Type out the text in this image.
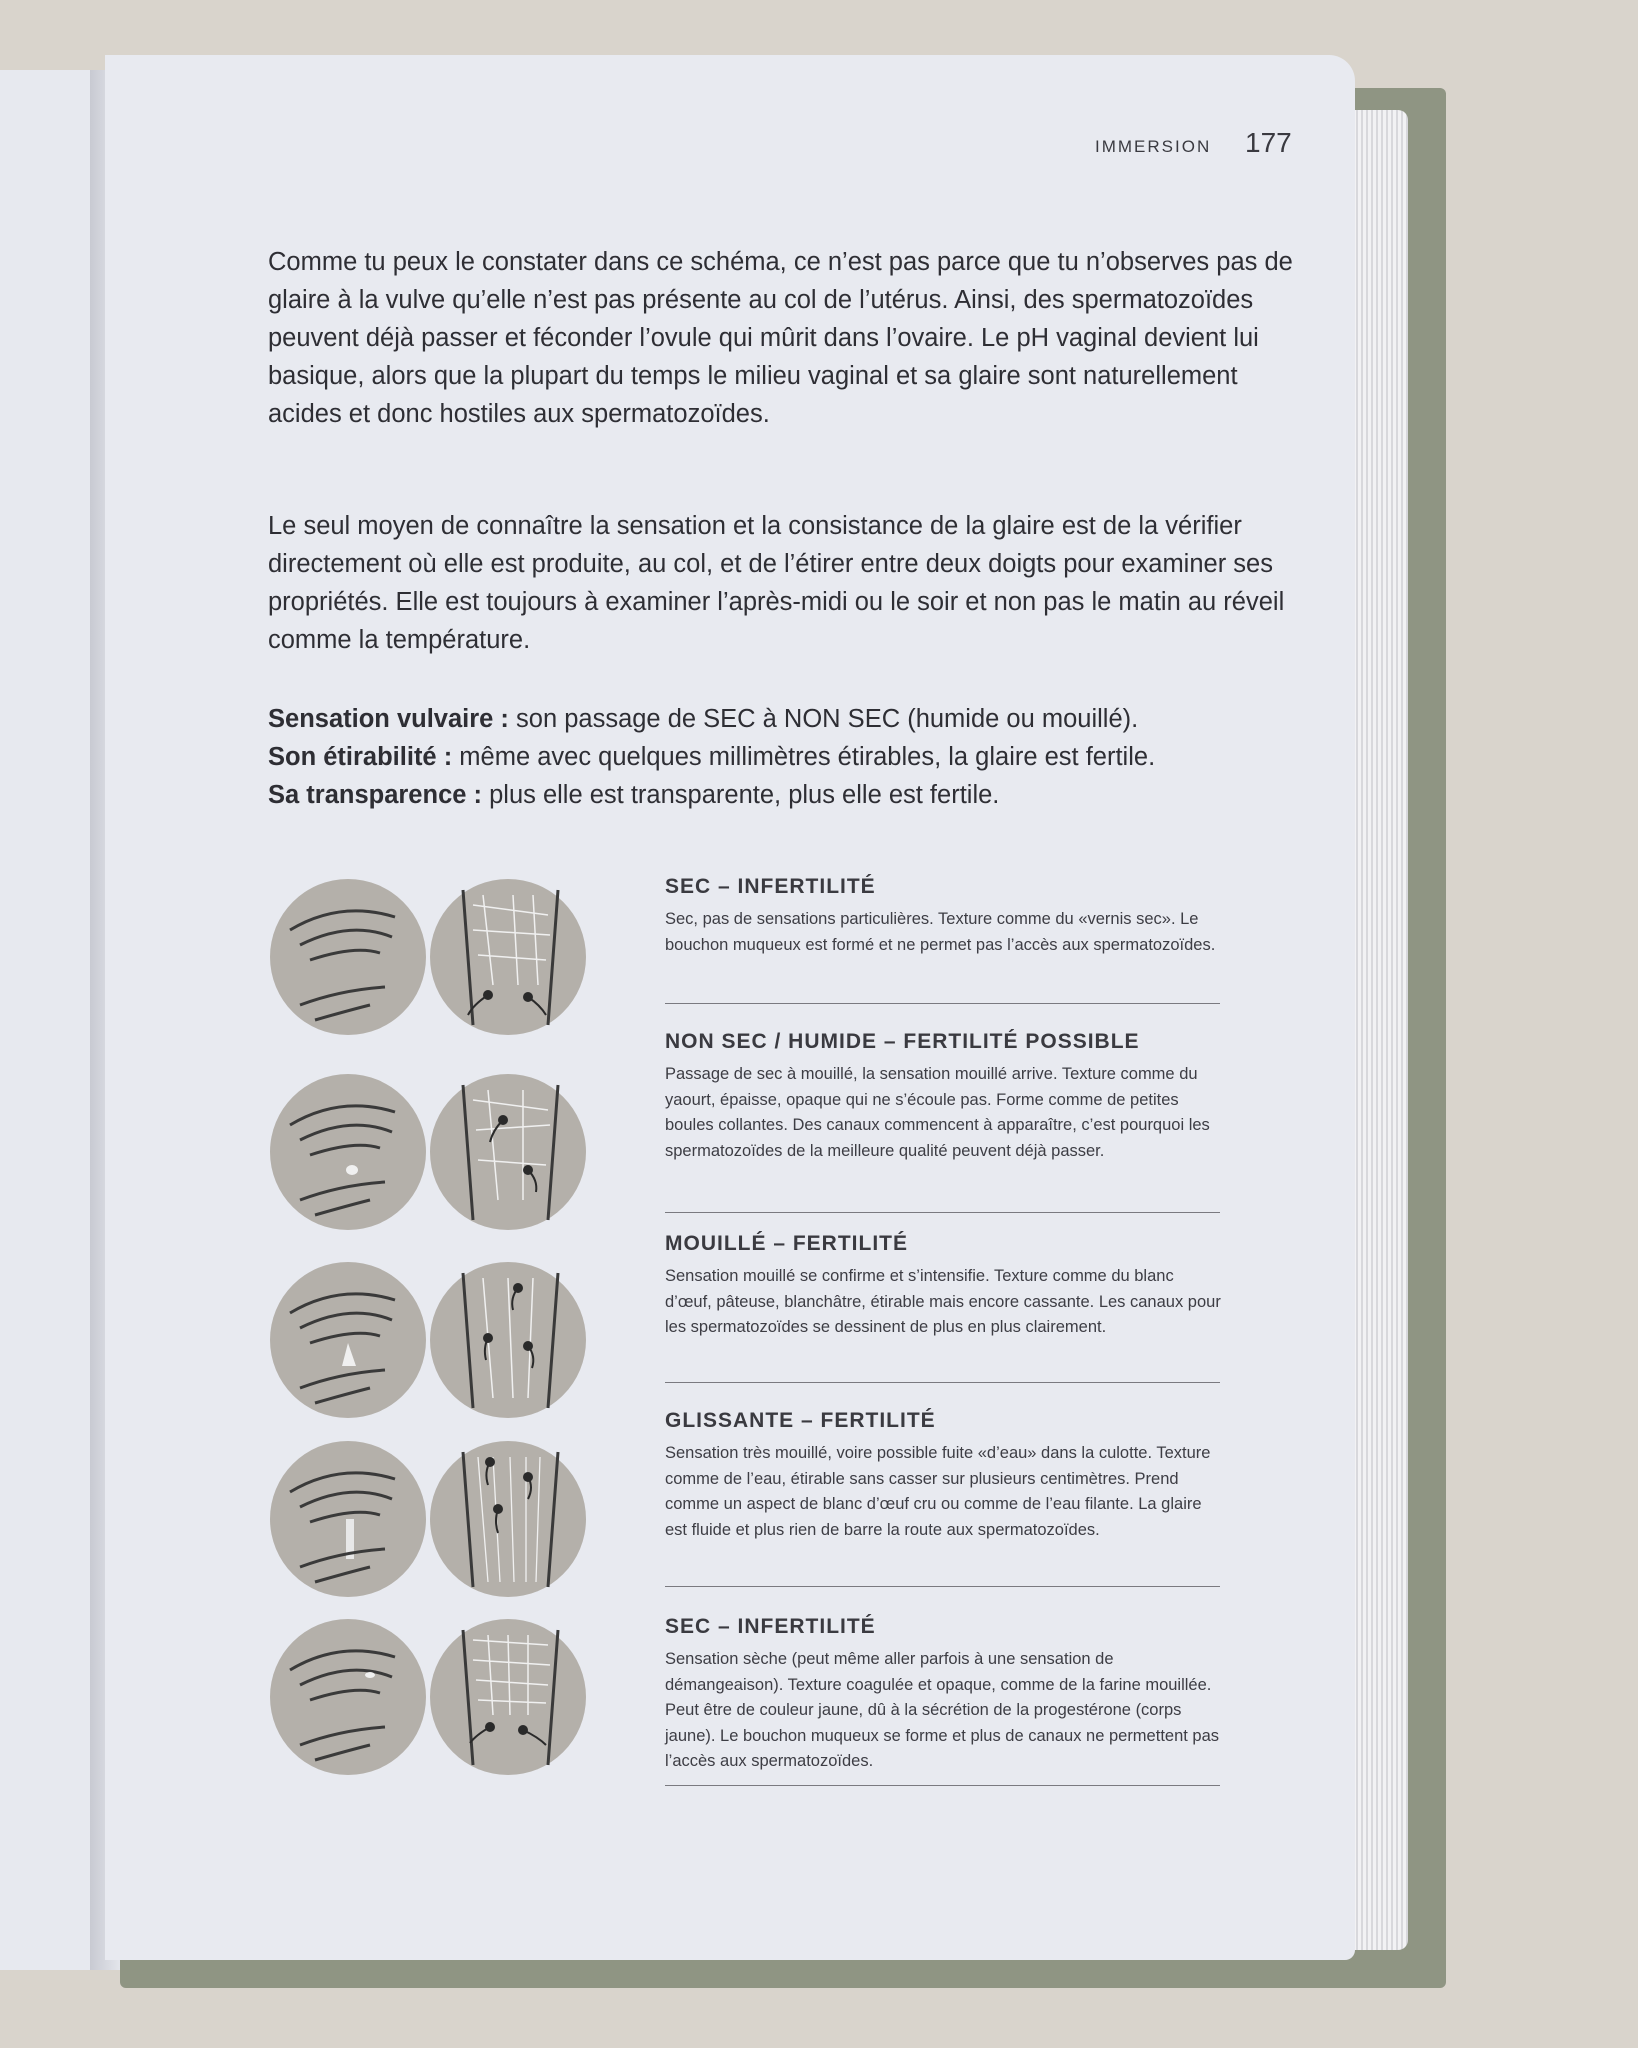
IMMERSION 177

Comme tu peux le constater dans ce schéma, ce n’est pas parce que tu n’observes pas de glaire à la vulve qu’elle n’est pas présente au col de l’utérus. Ainsi, des spermatozoïdes peuvent déjà passer et féconder l’ovule qui mûrit dans l’ovaire. Le pH vaginal devient lui basique, alors que la plupart du temps le milieu vaginal et sa glaire sont naturellement acides et donc hostiles aux spermatozoïdes.

Le seul moyen de connaître la sensation et la consistance de la glaire est de la vérifier directement où elle est produite, au col, et de l’étirer entre deux doigts pour examiner ses propriétés. Elle est toujours à examiner l’après-midi ou le soir et non pas le matin au réveil comme la température.

Sensation vulvaire : son passage de SEC à NON SEC (humide ou mouillé).
Son étirabilité : même avec quelques millimètres étirables, la glaire est fertile.
Sa transparence : plus elle est transparente, plus elle est fertile.
SEC – INFERTILITÉ

Sec, pas de sensations particulières. Texture comme du «vernis sec». Le bouchon muqueux est formé et ne permet pas l’accès aux spermatozoïdes.

NON SEC / HUMIDE – FERTILITÉ POSSIBLE

Passage de sec à mouillé, la sensation mouillé arrive. Texture comme du yaourt, épaisse, opaque qui ne s’écoule pas. Forme comme de petites boules collantes. Des canaux commencent à apparaître, c’est pourquoi les spermatozoïdes de la meilleure qualité peuvent déjà passer.

MOUILLÉ – FERTILITÉ

Sensation mouillé se confirme et s’intensifie. Texture comme du blanc d’œuf, pâteuse, blanchâtre, étirable mais encore cassante. Les canaux pour les spermatozoïdes se dessinent de plus en plus clairement.

GLISSANTE – FERTILITÉ

Sensation très mouillé, voire possible fuite «d’eau» dans la culotte. Texture comme de l’eau, étirable sans casser sur plusieurs centimètres. Prend comme un aspect de blanc d’œuf cru ou comme de l’eau filante. La glaire est fluide et plus rien de barre la route aux spermatozoïdes.

SEC – INFERTILITÉ

Sensation sèche (peut même aller parfois à une sensation de démangeaison). Texture coagulée et opaque, comme de la farine mouillée. Peut être de couleur jaune, dû à la sécrétion de la progestérone (corps jaune). Le bouchon muqueux se forme et plus de canaux ne permettent pas l’accès aux spermatozoïdes.
